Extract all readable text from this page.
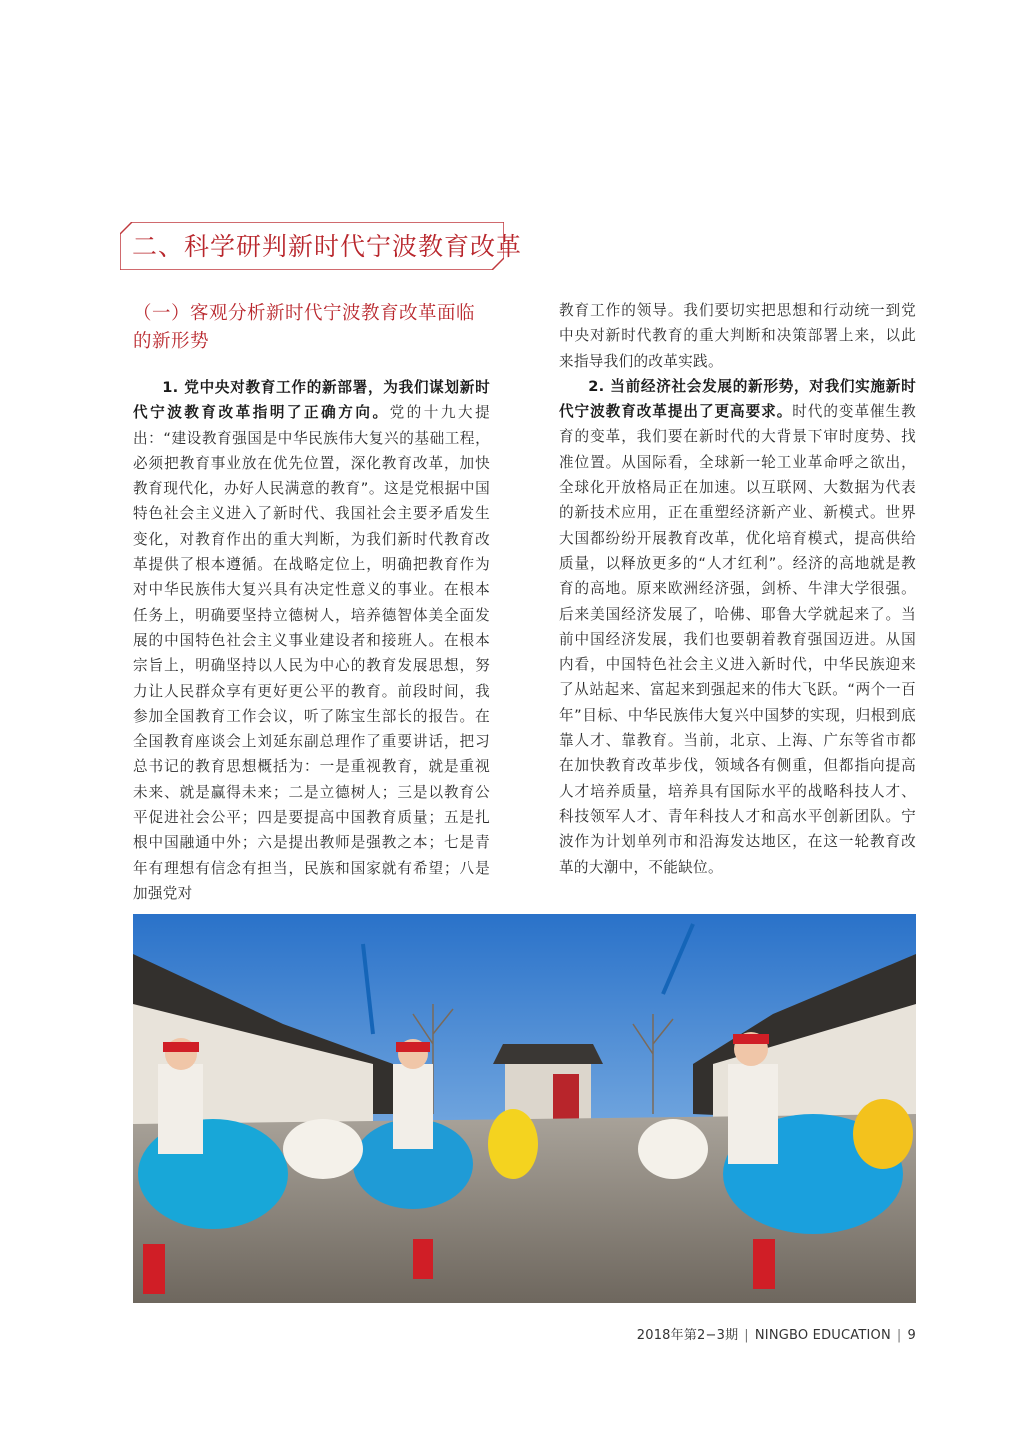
二、科学研判新时代宁波教育改革
（一）客观分析新时代宁波教育改革面临的新形势

1. 党中央对教育工作的新部署，为我们谋划新时代宁波教育改革指明了正确方向。党的十九大提出：“建设教育强国是中华民族伟大复兴的基础工程，必须把教育事业放在优先位置，深化教育改革，加快教育现代化，办好人民满意的教育”。这是党根据中国特色社会主义进入了新时代、我国社会主要矛盾发生变化，对教育作出的重大判断，为我们新时代教育改革提供了根本遵循。在战略定位上，明确把教育作为对中华民族伟大复兴具有决定性意义的事业。在根本任务上，明确要坚持立德树人，培养德智体美全面发展的中国特色社会主义事业建设者和接班人。在根本宗旨上，明确坚持以人民为中心的教育发展思想，努力让人民群众享有更好更公平的教育。前段时间，我参加全国教育工作会议，听了陈宝生部长的报告。在全国教育座谈会上刘延东副总理作了重要讲话，把习总书记的教育思想概括为：一是重视教育，就是重视未来、就是赢得未来；二是立德树人；三是以教育公平促进社会公平；四是要提高中国教育质量；五是扎根中国融通中外；六是提出教师是强教之本；七是青年有理想有信念有担当，民族和国家就有希望；八是加强党对

教育工作的领导。我们要切实把思想和行动统一到党中央对新时代教育的重大判断和决策部署上来，以此来指导我们的改革实践。

2. 当前经济社会发展的新形势，对我们实施新时代宁波教育改革提出了更高要求。时代的变革催生教育的变革，我们要在新时代的大背景下审时度势、找准位置。从国际看，全球新一轮工业革命呼之欲出，全球化开放格局正在加速。以互联网、大数据为代表的新技术应用，正在重塑经济新产业、新模式。世界大国都纷纷开展教育改革，优化培育模式，提高供给质量，以释放更多的“人才红利”。经济的高地就是教育的高地。原来欧洲经济强，剑桥、牛津大学很强。后来美国经济发展了，哈佛、耶鲁大学就起来了。当前中国经济发展，我们也要朝着教育强国迈进。从国内看，中国特色社会主义进入新时代，中华民族迎来了从站起来、富起来到强起来的伟大飞跃。“两个一百年”目标、中华民族伟大复兴中国梦的实现，归根到底靠人才、靠教育。当前，北京、上海、广东等省市都在加快教育改革步伐，领域各有侧重，但都指向提高人才培养质量，培养具有国际水平的战略科技人才、科技领军人才、青年科技人才和高水平创新团队。宁波作为计划单列市和沿海发达地区，在这一轮教育改革的大潮中，不能缺位。

2018年第2−3期 | NINGBO EDUCATION | 9
